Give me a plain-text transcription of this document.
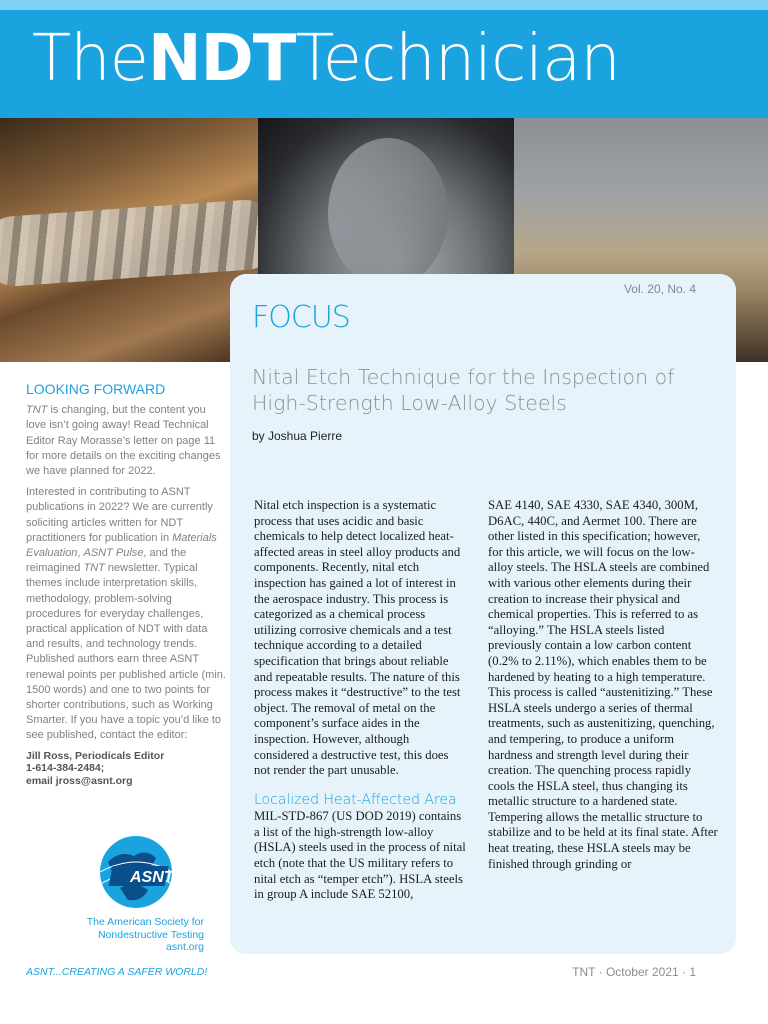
TheNDTTechnician
Vol. 20, No. 4
FOCUS
Nital Etch Technique for the Inspection of High-Strength Low-Alloy Steels
by Joshua Pierre

Nital etch inspection is a systematic process that uses acidic and basic chemicals to help detect localized heat-affected areas in steel alloy products and components. Recently, nital etch inspection has gained a lot of interest in the aerospace industry. This process is categorized as a chemical process utilizing corrosive chemicals and a test technique according to a detailed specification that brings about reliable and repeatable results. The nature of this process makes it “destructive” to the test object. The removal of metal on the component’s surface aides in the inspection. However, although considered a destructive test, this does not render the part unusable.

Localized Heat-Affected Area

MIL-STD-867 (US DOD 2019) contains a list of the high-strength low-alloy (HSLA) steels used in the process of nital etch (note that the US military refers to nital etch as “temper etch”). HSLA steels in group A include SAE 52100,

SAE 4140, SAE 4330, SAE 4340, 300M, D6AC, 440C, and Aermet 100. There are other listed in this specification; however, for this article, we will focus on the low-alloy steels. The HSLA steels are combined with various other elements during their creation to increase their physical and chemical properties. This is referred to as “alloying.” The HSLA steels listed previously contain a low carbon content (0.2% to 2.11%), which enables them to be hardened by heating to a high temperature. This process is called “austenitizing.” These HSLA steels undergo a series of thermal treatments, such as austenitizing, quenching, and tempering, to produce a uniform hardness and strength level during their creation. The quenching process rapidly cools the HSLA steel, thus changing its metallic structure to a hardened state. Tempering allows the metallic structure to stabilize and to be held at its final state. After heat treating, these HSLA steels may be finished through grinding or

LOOKING FORWARD

TNT is changing, but the content you love isn’t going away! Read Technical Editor Ray Morasse’s letter on page 11 for more details on the exciting changes we have planned for 2022.

Interested in contributing to ASNT publications in 2022? We are currently soliciting articles written for NDT practitioners for publication in Materials Evaluation, ASNT Pulse, and the reimagined TNT newsletter. Typical themes include interpretation skills, methodology, problem-solving procedures for everyday challenges, practical application of NDT with data and results, and technology trends. Published authors earn three ASNT renewal points per published article (min. 1500 words) and one to two points for shorter contributions, such as Working Smarter. If you have a topic you’d like to see published, contact the editor:

Jill Ross, Periodicals Editor
1-614-384-2484;
email jross@asnt.org
ASNT
The American Society for
Nondestructive Testing
asnt.org
ASNT...CREATING A SAFER WORLD!	TNT · October 2021 · 1
